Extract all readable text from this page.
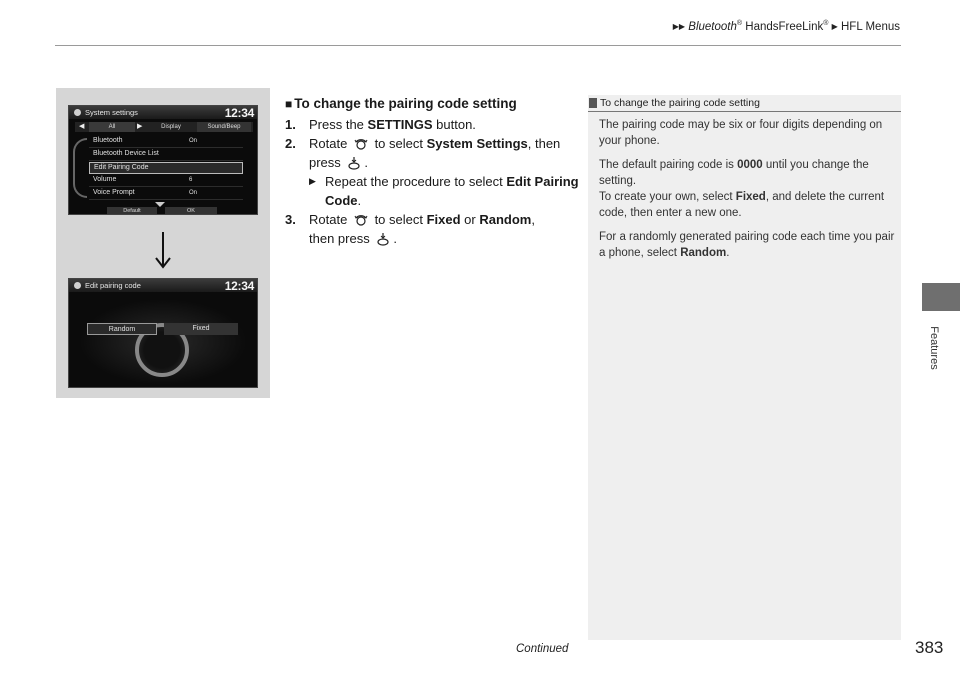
▶▶ Bluetooth® HandsFreeLink® ▶ HFL Menus
Features
System settings	12:34
◀	All	▶	Display	Sound/Beep
Bluetooth	On
Bluetooth Device List
Edit Pairing Code
Volume	6
Voice Prompt	On
Default	OK
Edit pairing code	12:34
Random	Fixed
■ To change the pairing code setting
1. Press the SETTINGS button.
2. Rotate to select System Settings, then
press .
▶ Repeat the procedure to select Edit Pairing Code.
3. Rotate to select Fixed or Random,
then press .
To change the pairing code setting

The pairing code may be six or four digits depending on your phone.

The default pairing code is 0000 until you change the setting.

To create your own, select Fixed, and delete the current code, then enter a new one.

For a randomly generated pairing code each time you pair a phone, select Random.

Continued	383
